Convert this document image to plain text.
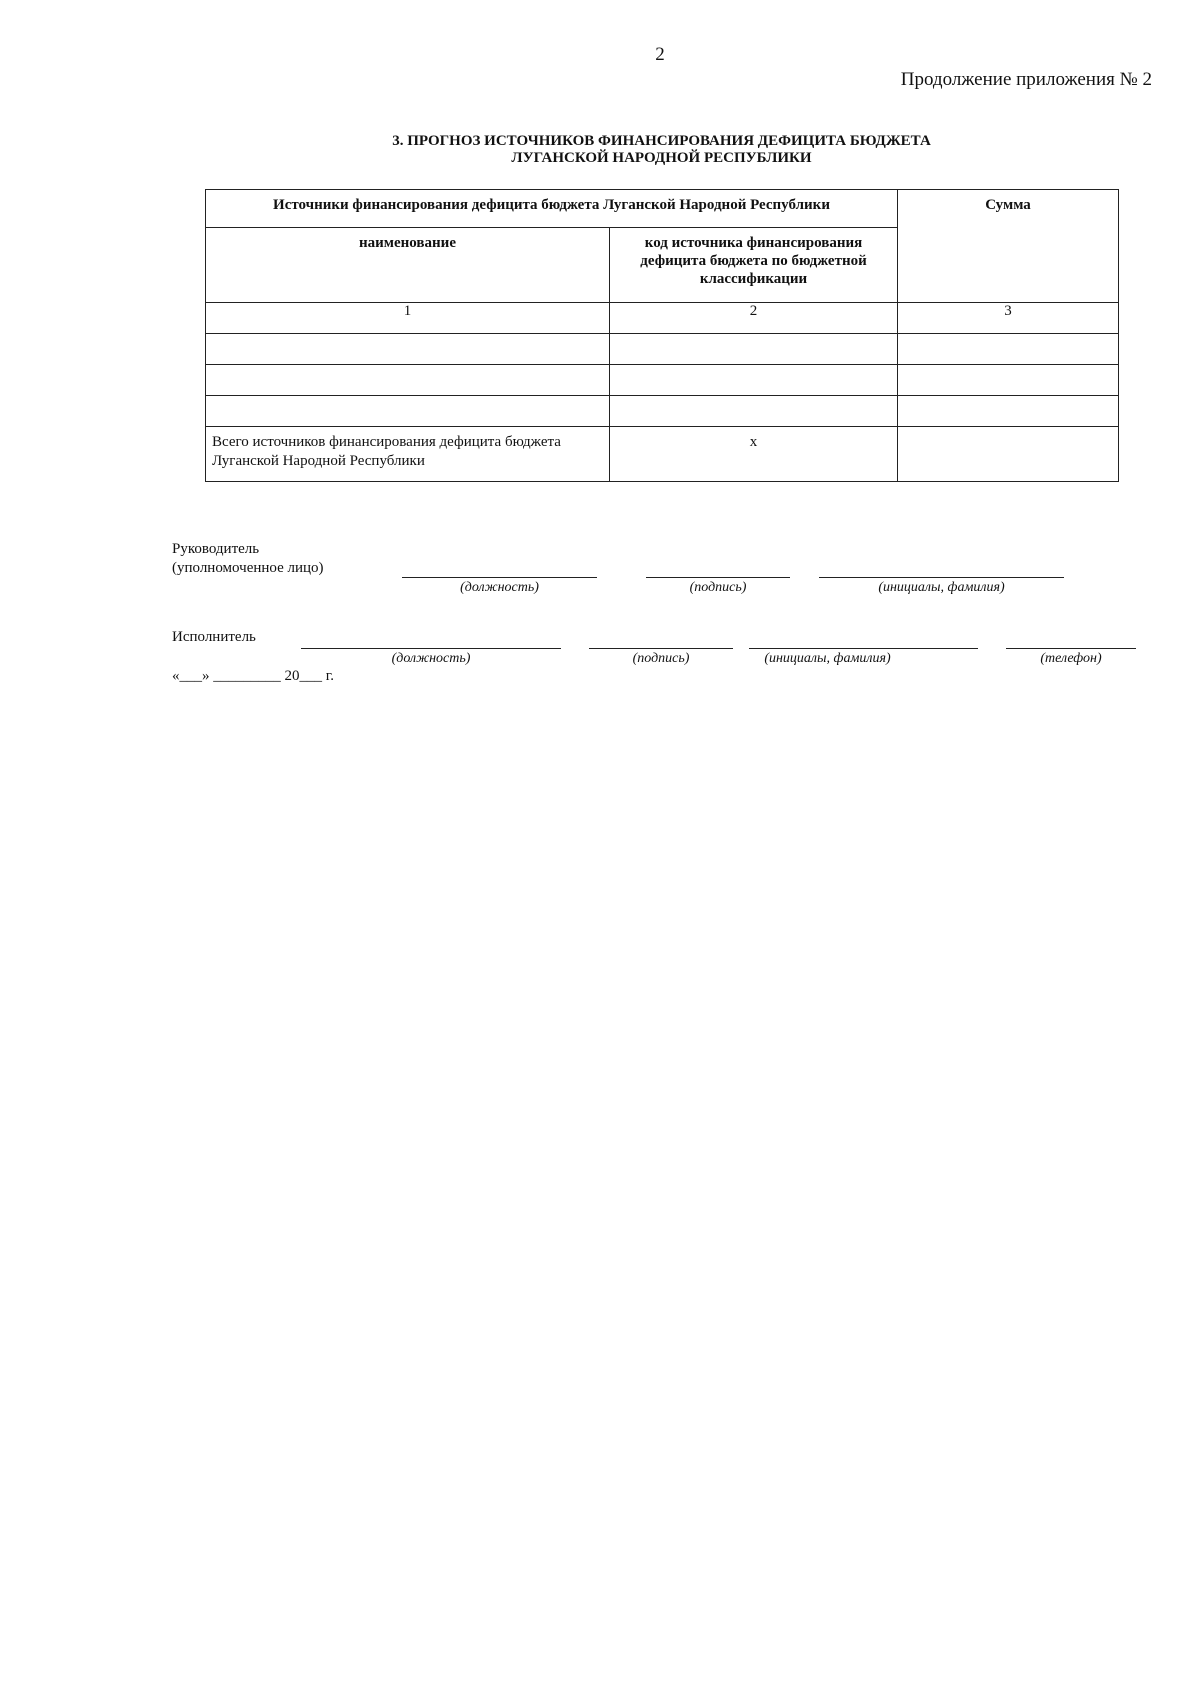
2
Продолжение приложения № 2
3. ПРОГНОЗ ИСТОЧНИКОВ ФИНАНСИРОВАНИЯ ДЕФИЦИТА БЮДЖЕТА
ЛУГАНСКОЙ НАРОДНОЙ РЕСПУБЛИКИ
Источники финансирования дефицита бюджета Луганской Народной Республики		Сумма
наименование	код источника финансирования дефицита бюджета по бюджетной классификации	
1	2	3

Всего источников финансирования дефицита бюджета Луганской Народной Республики	х	
Руководитель
(уполномоченное лицо)
(должность)	(подпись)	(инициалы, фамилия)
Исполнитель
(должность)	(подпись)	(инициалы, фамилия)	(телефон)
«___» _________ 20___ г.
